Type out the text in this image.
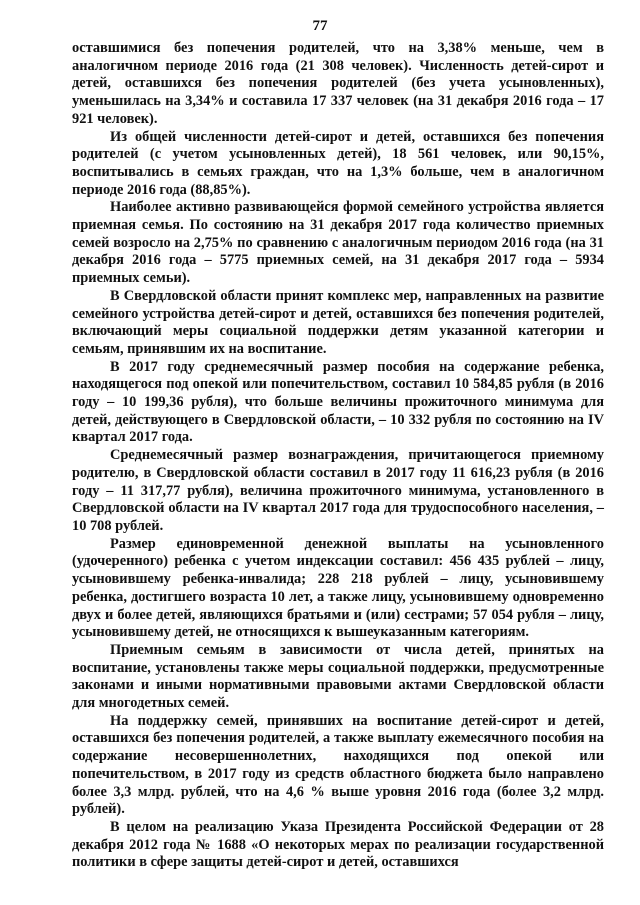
77

оставшимися без попечения родителей, что на 3,38% меньше, чем в аналогичном периоде 2016 года (21 308 человек). Численность детей-сирот и детей, оставшихся без попечения родителей (без учета усыновленных), уменьшилась на 3,34% и составила 17 337 человек (на 31 декабря 2016 года – 17 921 человек).

Из общей численности детей-сирот и детей, оставшихся без попечения родителей (с учетом усыновленных детей), 18 561 человек, или 90,15%, воспитывались в семьях граждан, что на 1,3% больше, чем в аналогичном периоде 2016 года (88,85%).

Наиболее активно развивающейся формой семейного устройства является приемная семья. По состоянию на 31 декабря 2017 года количество приемных семей возросло на 2,75% по сравнению с аналогичным периодом 2016 года (на 31 декабря 2016 года – 5775 приемных семей, на 31 декабря 2017 года – 5934 приемных семьи).

В Свердловской области принят комплекс мер, направленных на развитие семейного устройства детей-сирот и детей, оставшихся без попечения родителей, включающий меры социальной поддержки детям указанной категории и семьям, принявшим их на воспитание.

В 2017 году среднемесячный размер пособия на содержание ребенка, находящегося под опекой или попечительством, составил 10 584,85 рубля (в 2016 году – 10 199,36 рубля), что больше величины прожиточного минимума для детей, действующего в Свердловской области, – 10 332 рубля по состоянию на IV квартал 2017 года.

Среднемесячный размер вознаграждения, причитающегося приемному родителю, в Свердловской области составил в 2017 году 11 616,23 рубля (в 2016 году – 11 317,77 рубля), величина прожиточного минимума, установленного в Свердловской области на IV квартал 2017 года для трудоспособного населения, – 10 708 рублей.

Размер единовременной денежной выплаты на усыновленного (удочеренного) ребенка с учетом индексации составил: 456 435 рублей – лицу, усыновившему ребенка-инвалида; 228 218 рублей – лицу, усыновившему ребенка, достигшего возраста 10 лет, а также лицу, усыновившему одновременно двух и более детей, являющихся братьями и (или) сестрами; 57 054 рубля – лицу, усыновившему детей, не относящихся к вышеуказанным категориям.

Приемным семьям в зависимости от числа детей, принятых на воспитание, установлены также меры социальной поддержки, предусмотренные законами и иными нормативными правовыми актами Свердловской области для многодетных семей.

На поддержку семей, принявших на воспитание детей-сирот и детей, оставшихся без попечения родителей, а также выплату ежемесячного пособия на содержание несовершеннолетних, находящихся под опекой или попечительством, в 2017 году из средств областного бюджета было направлено более 3,3 млрд. рублей, что на 4,6 % выше уровня 2016 года (более 3,2 млрд. рублей).

В целом на реализацию Указа Президента Российской Федерации от 28 декабря 2012 года № 1688 «О некоторых мерах по реализации государственной политики в сфере защиты детей-сирот и детей, оставшихся
